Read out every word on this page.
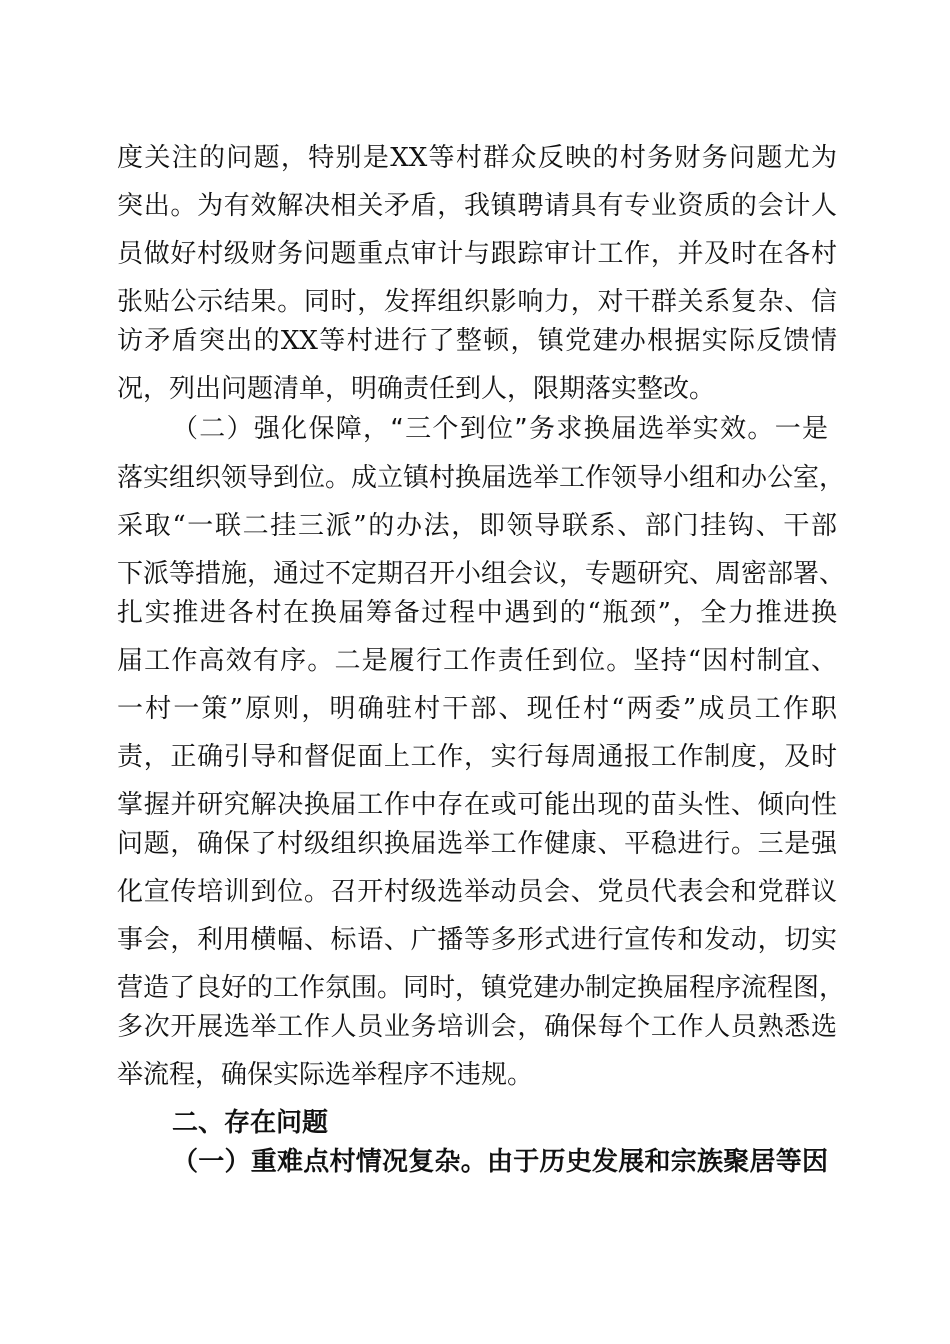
度关注的问题，特别是XX等村群众反映的村务财务问题尤为
突出。为有效解决相关矛盾，我镇聘请具有专业资质的会计人
员做好村级财务问题重点审计与跟踪审计工作，并及时在各村
张贴公示结果。同时，发挥组织影响力，对干群关系复杂、信
访矛盾突出的XX等村进行了整顿，镇党建办根据实际反馈情
况，列出问题清单，明确责任到人，限期落实整改。
（二）强化保障，“三个到位”务求换届选举实效。一是
落实组织领导到位。成立镇村换届选举工作领导小组和办公室，
采取“一联二挂三派”的办法，即领导联系、部门挂钩、干部
下派等措施，通过不定期召开小组会议，专题研究、周密部署、
扎实推进各村在换届筹备过程中遇到的“瓶颈”，全力推进换
届工作高效有序。二是履行工作责任到位。坚持“因村制宜、
一村一策”原则，明确驻村干部、现任村“两委”成员工作职
责，正确引导和督促面上工作，实行每周通报工作制度，及时
掌握并研究解决换届工作中存在或可能出现的苗头性、倾向性
问题，确保了村级组织换届选举工作健康、平稳进行。三是强
化宣传培训到位。召开村级选举动员会、党员代表会和党群议
事会，利用横幅、标语、广播等多形式进行宣传和发动，切实
营造了良好的工作氛围。同时，镇党建办制定换届程序流程图，
多次开展选举工作人员业务培训会，确保每个工作人员熟悉选
举流程，确保实际选举程序不违规。
二、存在问题
（一）重难点村情况复杂。由于历史发展和宗族聚居等因
